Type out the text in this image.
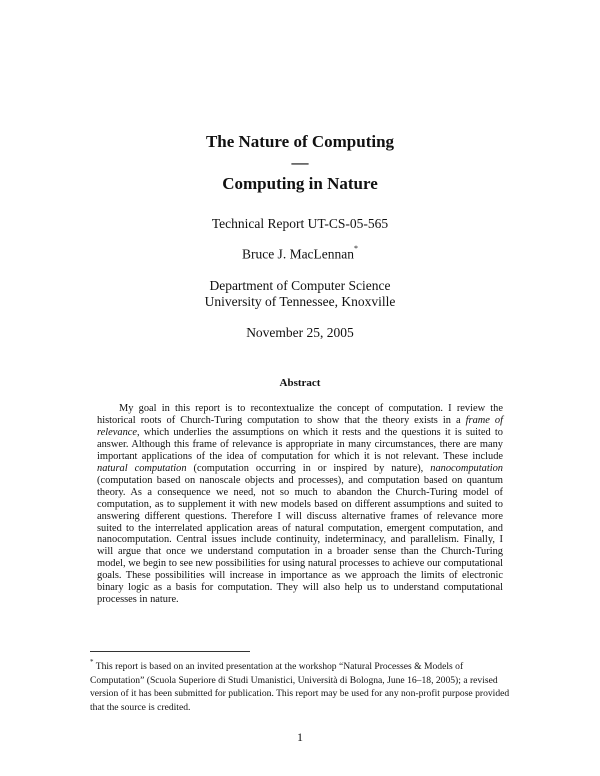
The Nature of Computing
—
Computing in Nature
Technical Report UT-CS-05-565
Bruce J. MacLennan*
Department of Computer Science
University of Tennessee, Knoxville
November 25, 2005
Abstract
My goal in this report is to recontextualize the concept of computation. I review the historical roots of Church-Turing computation to show that the theory exists in a frame of relevance, which underlies the assumptions on which it rests and the questions it is suited to answer. Although this frame of relevance is appropriate in many circumstances, there are many important applications of the idea of computation for which it is not relevant. These include natural computation (computation occurring in or inspired by nature), nanocomputation (computation based on nanoscale objects and processes), and computation based on quantum theory. As a consequence we need, not so much to abandon the Church-Turing model of computation, as to supplement it with new models based on different assumptions and suited to answering different questions. Therefore I will discuss alternative frames of relevance more suited to the interrelated application areas of natural computation, emergent computation, and nanocomputation. Central issues include continuity, indeterminacy, and parallelism. Finally, I will argue that once we understand computation in a broader sense than the Church-Turing model, we begin to see new possibilities for using natural processes to achieve our computational goals. These possibilities will increase in importance as we approach the limits of electronic binary logic as a basis for computation. They will also help us to understand computational processes in nature.
* This report is based on an invited presentation at the workshop “Natural Processes & Models of Computation” (Scuola Superiore di Studi Umanistici, Università di Bologna, June 16–18, 2005); a revised version of it has been submitted for publication. This report may be used for any non-profit purpose provided that the source is credited.
1
